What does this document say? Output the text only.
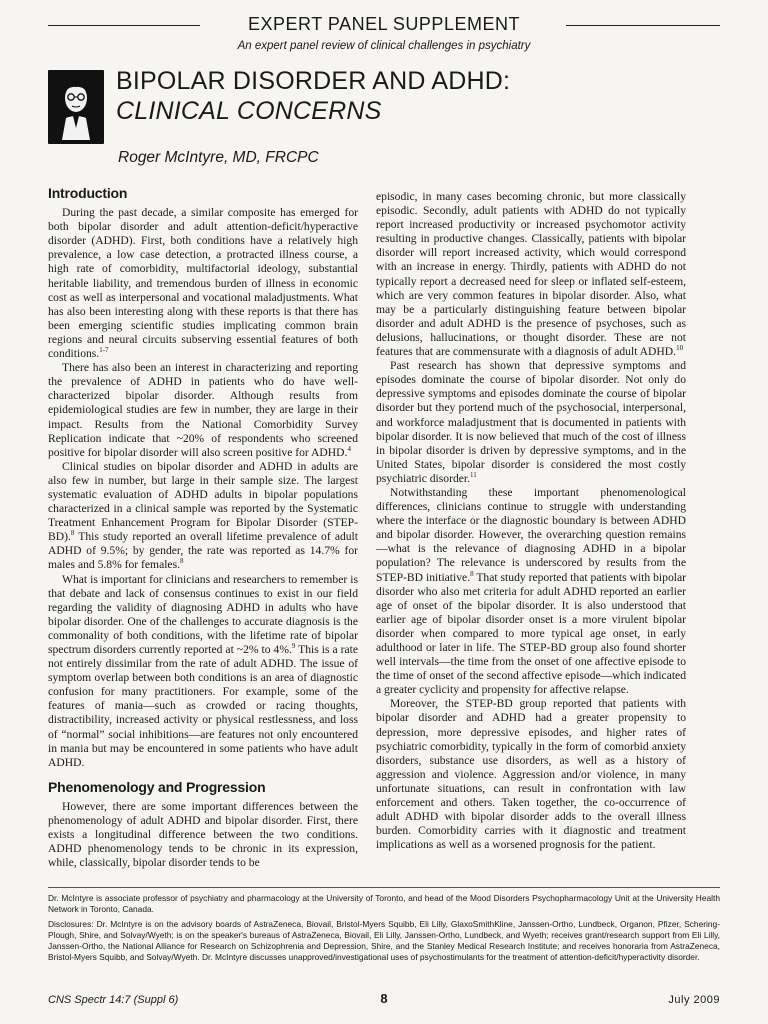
EXPERT PANEL SUPPLEMENT
An expert panel review of clinical challenges in psychiatry
BIPOLAR DISORDER AND ADHD:
CLINICAL CONCERNS
Roger McIntyre, MD, FRCPC
Introduction

During the past decade, a similar composite has emerged for both bipolar disorder and adult attention-deficit/hyperactive disorder (ADHD). First, both conditions have a relatively high prevalence, a low case detection, a protracted illness course, a high rate of comorbidity, multifactorial ideology, substantial heritable liability, and tremendous burden of illness in economic cost as well as interpersonal and vocational maladjustments. What has also been interesting along with these reports is that there has been emerging scientific studies implicating common brain regions and neural circuits subserving essential features of both conditions.$^{1-7}$

There has also been an interest in characterizing and reporting the prevalence of ADHD in patients who do have well-characterized bipolar disorder. Although results from epidemiological studies are few in number, they are large in their impact. Results from the National Comorbidity Survey Replication indicate that ~20% of respondents who screened positive for bipolar disorder will also screen positive for ADHD.$^4$

Clinical studies on bipolar disorder and ADHD in adults are also few in number, but large in their sample size. The largest systematic evaluation of ADHD adults in bipolar populations characterized in a clinical sample was reported by the Systematic Treatment Enhancement Program for Bipolar Disorder (STEP-BD).$^8$ This study reported an overall lifetime prevalence of adult ADHD of 9.5%; by gender, the rate was reported as 14.7% for males and 5.8% for females.$^8$

What is important for clinicians and researchers to remember is that debate and lack of consensus continues to exist in our field regarding the validity of diagnosing ADHD in adults who have bipolar disorder. One of the challenges to accurate diagnosis is the commonality of both conditions, with the lifetime rate of bipolar spectrum disorders currently reported at ~2% to 4%.$^9$ This is a rate not entirely dissimilar from the rate of adult ADHD. The issue of symptom overlap between both conditions is an area of diagnostic confusion for many practitioners. For example, some of the features of mania—such as crowded or racing thoughts, distractibility, increased activity or physical restlessness, and loss of “normal” social inhibitions—are features not only encountered in mania but may be encountered in some patients who have adult ADHD.

Phenomenology and Progression

However, there are some important differences between the phenomenology of adult ADHD and bipolar disorder. First, there exists a longitudinal difference between the two conditions. ADHD phenomenology tends to be chronic in its expression, while, classically, bipolar disorder tends to be

episodic, in many cases becoming chronic, but more classically episodic. Secondly, adult patients with ADHD do not typically report increased productivity or increased psychomotor activity resulting in productive changes. Classically, patients with bipolar disorder will report increased activity, which would correspond with an increase in energy. Thirdly, patients with ADHD do not typically report a decreased need for sleep or inflated self-esteem, which are very common features in bipolar disorder. Also, what may be a particularly distinguishing feature between bipolar disorder and adult ADHD is the presence of psychoses, such as delusions, hallucinations, or thought disorder. These are not features that are commensurate with a diagnosis of adult ADHD.$^{10}$

Past research has shown that depressive symptoms and episodes dominate the course of bipolar disorder. Not only do depressive symptoms and episodes dominate the course of bipolar disorder but they portend much of the psychosocial, interpersonal, and workforce maladjustment that is documented in patients with bipolar disorder. It is now believed that much of the cost of illness in bipolar disorder is driven by depressive symptoms, and in the United States, bipolar disorder is considered the most costly psychiatric disorder.$^{11}$

Notwithstanding these important phenomenological differences, clinicians continue to struggle with understanding where the interface or the diagnostic boundary is between ADHD and bipolar disorder. However, the overarching question remains—what is the relevance of diagnosing ADHD in a bipolar population? The relevance is underscored by results from the STEP-BD initiative.$^8$ That study reported that patients with bipolar disorder who also met criteria for adult ADHD reported an earlier age of onset of the bipolar disorder. It is also understood that earlier age of bipolar disorder onset is a more virulent bipolar disorder when compared to more typical age onset, in early adulthood or later in life. The STEP-BD group also found shorter well intervals—the time from the onset of one affective episode to the time of onset of the second affective episode—which indicated a greater cyclicity and propensity for affective relapse.

Moreover, the STEP-BD group reported that patients with bipolar disorder and ADHD had a greater propensity to depression, more depressive episodes, and higher rates of psychiatric comorbidity, typically in the form of comorbid anxiety disorders, substance use disorders, as well as a history of aggression and violence. Aggression and/or violence, in many unfortunate situations, can result in confrontation with law enforcement and others. Taken together, the co-occurrence of adult ADHD with bipolar disorder adds to the overall illness burden. Comorbidity carries with it diagnostic and treatment implications as well as a worsened prognosis for the patient.

Dr. McIntyre is associate professor of psychiatry and pharmacology at the University of Toronto, and head of the Mood Disorders Psychopharmacology Unit at the University Health Network in Toronto, Canada.

Disclosures: Dr. McIntyre is on the advisory boards of AstraZeneca, Biovail, Bristol-Myers Squibb, Eli Lilly, GlaxoSmithKline, Janssen-Ortho, Lundbeck, Organon, Pfizer, Schering-Plough, Shire, and Solvay/Wyeth; is on the speaker's bureaus of AstraZeneca, Biovail, Eli Lilly, Janssen-Ortho, Lundbeck, and Wyeth; receives grant/research support from Eli Lilly, Janssen-Ortho, the National Alliance for Research on Schizophrenia and Depression, Shire, and the Stanley Medical Research Institute; and receives honoraria from AstraZeneca, Bristol-Myers Squibb, and Solvay/Wyeth. Dr. McIntyre discusses unapproved/investigational uses of psychostimulants for the treatment of attention-deficit/hyperactivity disorder.

CNS Spectr 14:7 (Suppl 6)	8	July 2009
